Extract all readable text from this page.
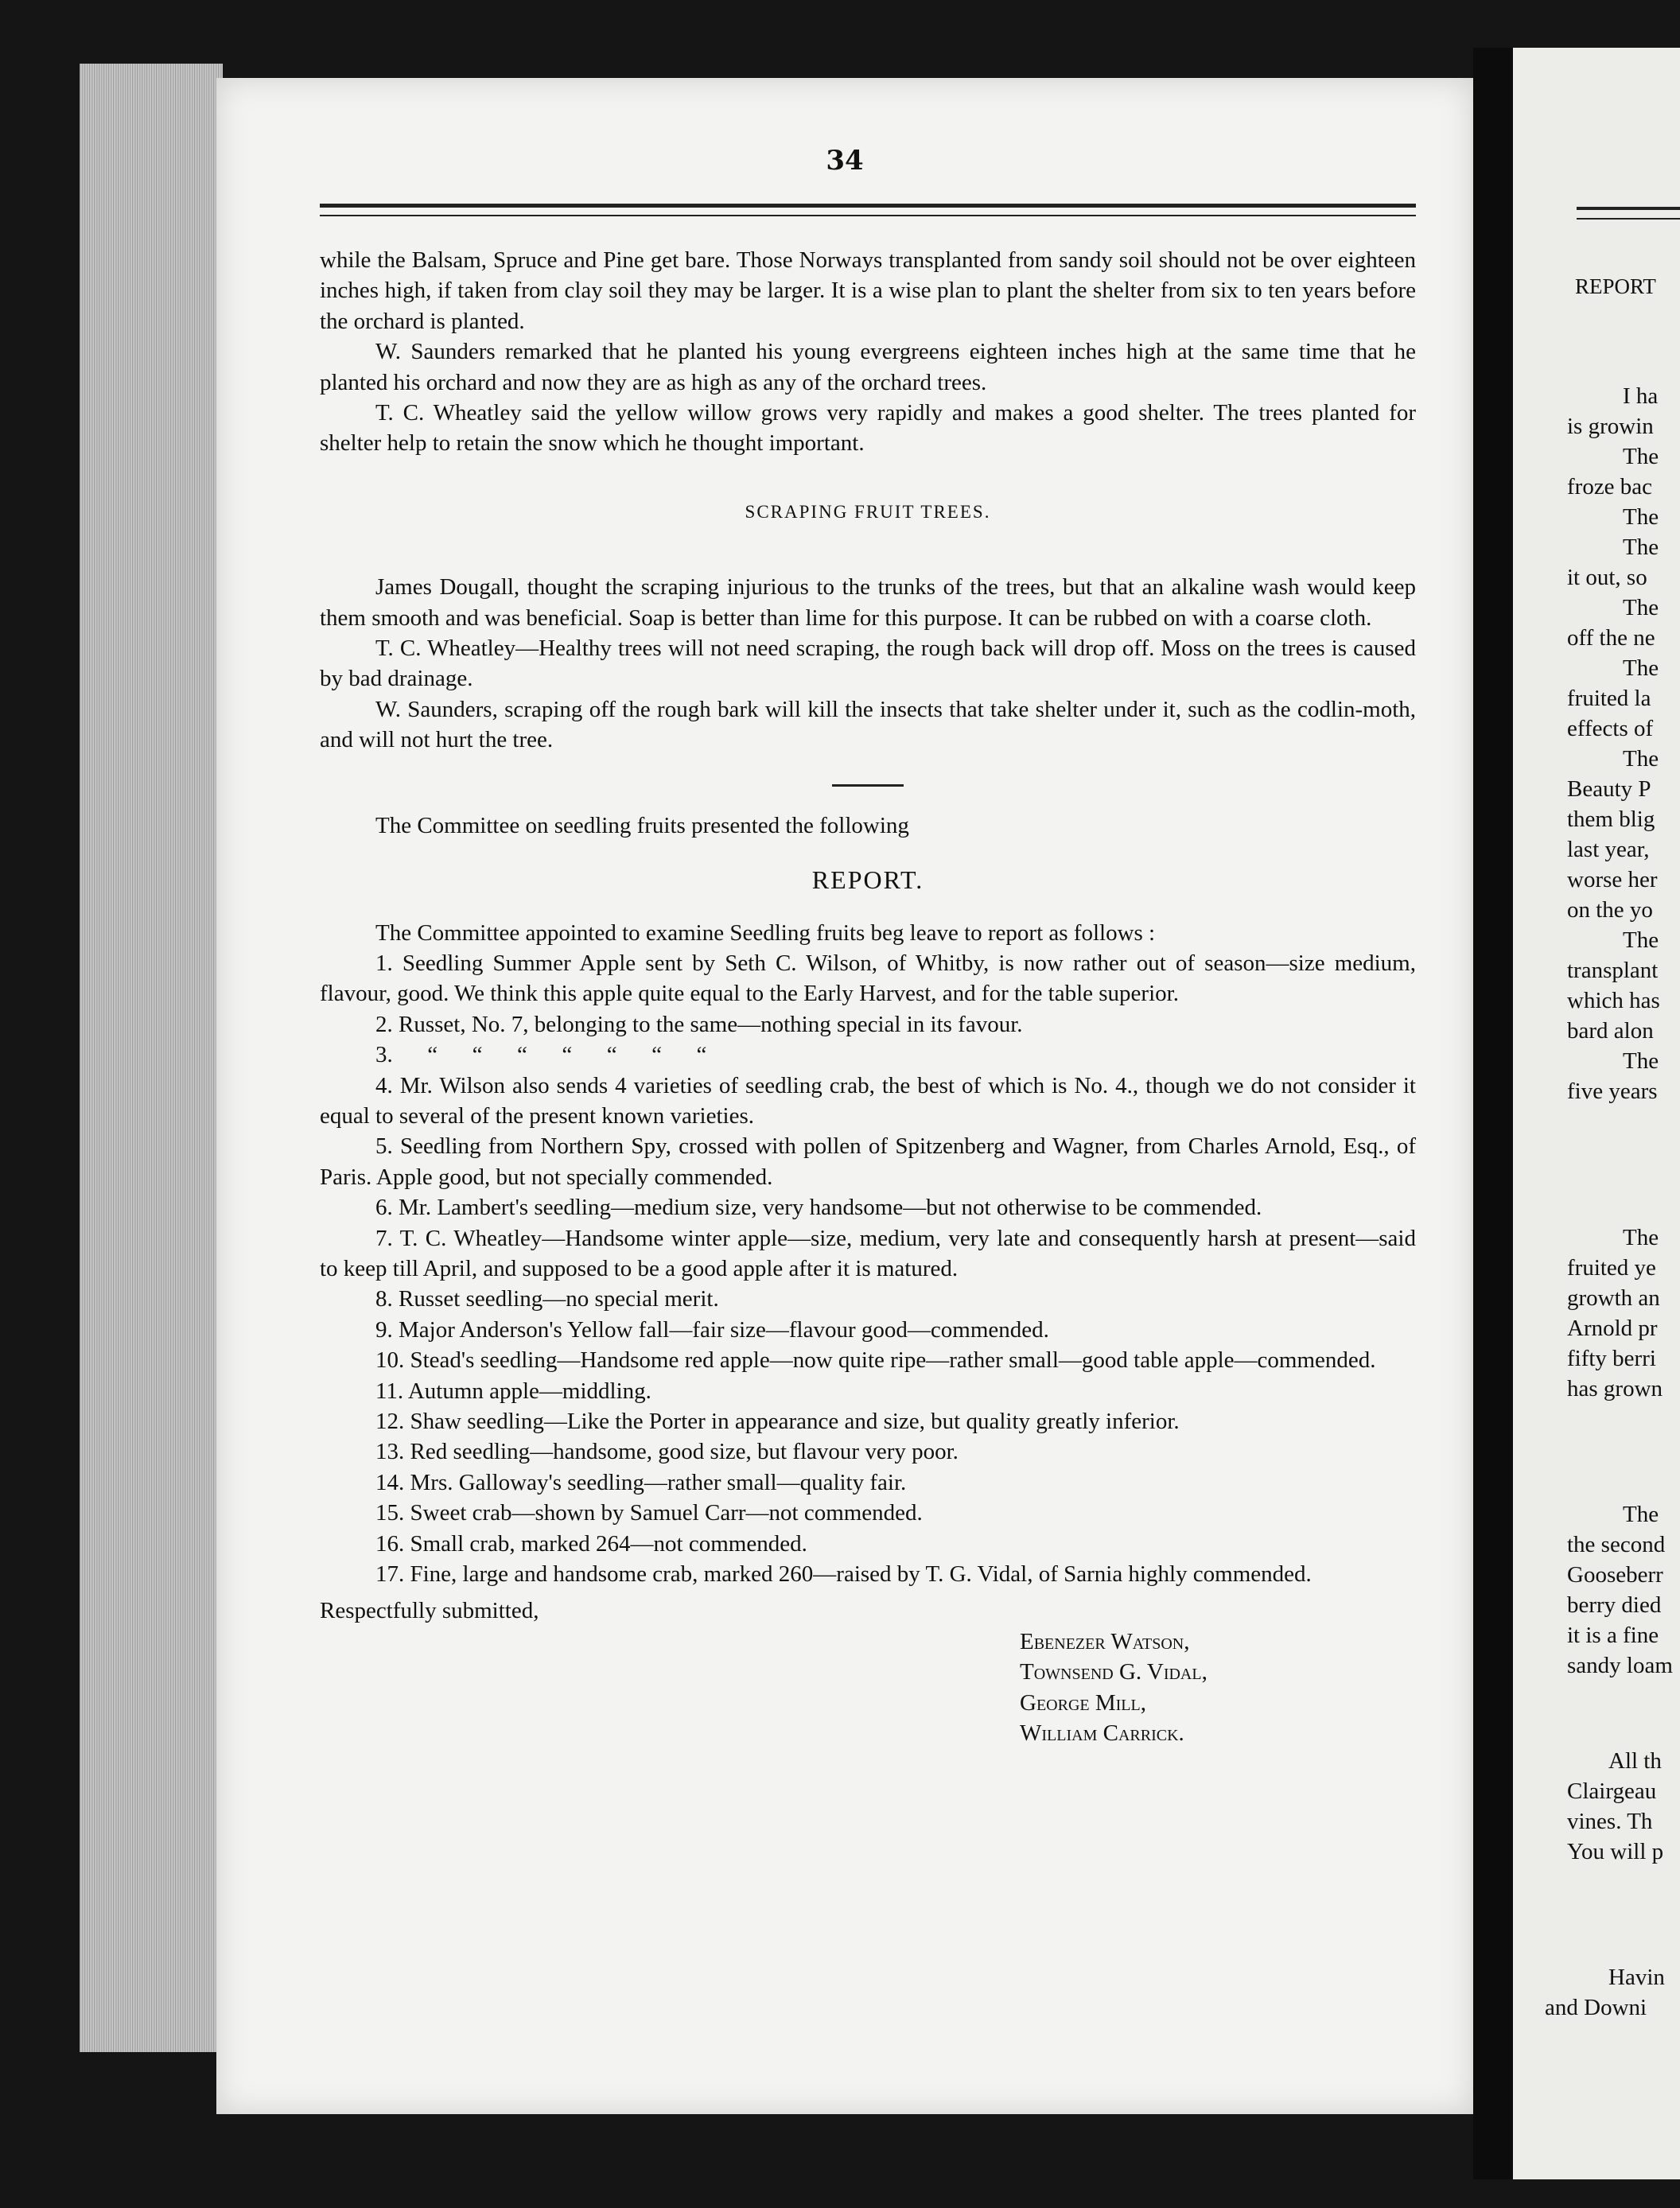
34

while the Balsam, Spruce and Pine get bare. Those Norways transplanted from sandy soil should not be over eighteen inches high, if taken from clay soil they may be larger. It is a wise plan to plant the shelter from six to ten years before the orchard is planted.

W. Saunders remarked that he planted his young evergreens eighteen inches high at the same time that he planted his orchard and now they are as high as any of the orchard trees.

T. C. Wheatley said the yellow willow grows very rapidly and makes a good shelter. The trees planted for shelter help to retain the snow which he thought important.

SCRAPING FRUIT TREES.

James Dougall, thought the scraping injurious to the trunks of the trees, but that an alkaline wash would keep them smooth and was beneficial. Soap is better than lime for this purpose. It can be rubbed on with a coarse cloth.

T. C. Wheatley—Healthy trees will not need scraping, the rough back will drop off. Moss on the trees is caused by bad drainage.

W. Saunders, scraping off the rough bark will kill the insects that take shelter under it, such as the codlin-moth, and will not hurt the tree.

The Committee on seedling fruits presented the following

REPORT.

The Committee appointed to examine Seedling fruits beg leave to report as follows :

1. Seedling Summer Apple sent by Seth C. Wilson, of Whitby, is now rather out of season—size medium, flavour, good. We think this apple quite equal to the Early Harvest, and for the table superior.

2. Russet, No. 7, belonging to the same—nothing special in its favour.

3.      “      “      “      “      “      “      “

4. Mr. Wilson also sends 4 varieties of seedling crab, the best of which is No. 4., though we do not consider it equal to several of the present known varieties.

5. Seedling from Northern Spy, crossed with pollen of Spitzenberg and Wagner, from Charles Arnold, Esq., of Paris. Apple good, but not specially commended.

6. Mr. Lambert's seedling—medium size, very handsome—but not otherwise to be commended.

7. T. C. Wheatley—Handsome winter apple—size, medium, very late and consequently harsh at present—said to keep till April, and supposed to be a good apple after it is matured.

8. Russet seedling—no special merit.

9. Major Anderson's Yellow fall—fair size—flavour good—commended.

10. Stead's seedling—Handsome red apple—now quite ripe—rather small—good table apple—commended.

11. Autumn apple—middling.

12. Shaw seedling—Like the Porter in appearance and size, but quality greatly inferior.

13. Red seedling—handsome, good size, but flavour very poor.

14. Mrs. Galloway's seedling—rather small—quality fair.

15. Sweet crab—shown by Samuel Carr—not commended.

16. Small crab, marked 264—not commended.

17. Fine, large and handsome crab, marked 260—raised by T. G. Vidal, of Sarnia highly commended.

Respectfully submitted,

Ebenezer Watson,
Townsend G. Vidal,
George Mill,
William Carrick.
REPORT
I ha
is growin
The
froze bac
The
The
it out, so
The
off the ne
The
fruited la
effects of
The
Beauty P
them blig
last year,
worse her
on the yo
The
transplant
which has
bard alon
The
five years
The
fruited ye
growth an
Arnold pr
fifty berri
has grown
The
the second
Gooseberr
berry died
it is a fine
sandy loam
All th
Clairgeau
vines. Th
You will p
Havin
and Downi
